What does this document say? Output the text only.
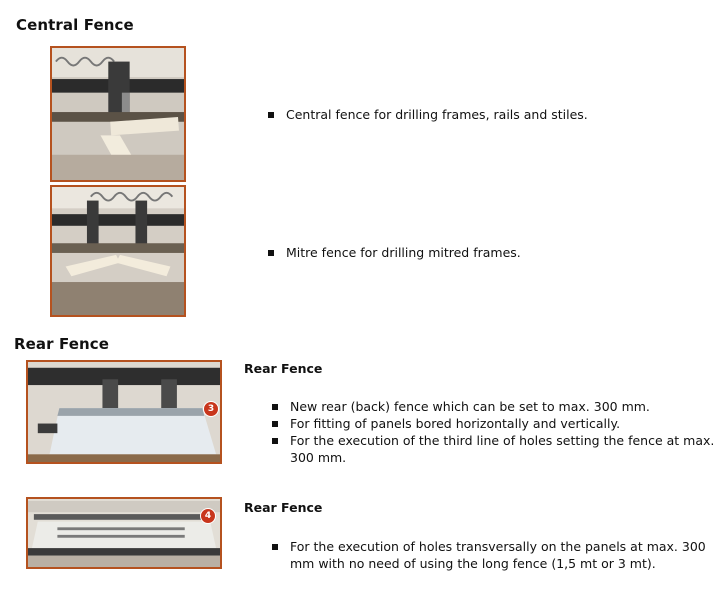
Central Fence
Central fence for drilling frames, rails and stiles.
Mitre fence for drilling mitred frames.
Rear Fence
3
Rear Fence
New rear (back) fence which can be set to max. 300 mm.
For fitting of panels bored horizontally and vertically.
For the execution of the third line of holes setting the fence at max. 300 mm.
4
Rear Fence
For the execution of holes transversally on the panels at max. 300 mm with no need of using the long fence (1,5 mt or 3 mt).
